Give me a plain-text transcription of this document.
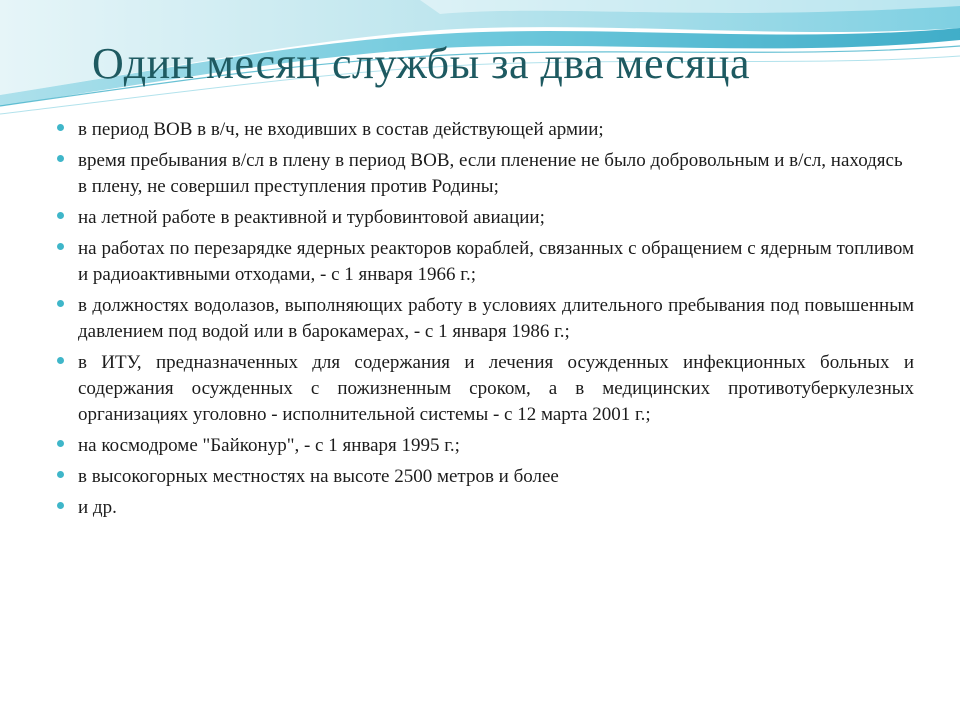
Один месяц службы за два месяца
в период ВОВ в в/ч, не входивших в состав действующей армии;
время пребывания в/сл в плену в период ВОВ, если пленение не было добровольным и в/сл, находясь в плену, не совершил преступления против Родины;
на летной работе в реактивной и турбовинтовой авиации;
на работах по перезарядке ядерных реакторов кораблей, связанных с обращением с ядерным топливом и радиоактивными отходами, - с 1 января 1966 г.;
в должностях водолазов, выполняющих работу в условиях длительного пребывания под повышенным давлением под водой или в барокамерах, - с 1 января 1986 г.;
в ИТУ, предназначенных для содержания и лечения осужденных инфекционных больных и содержания осужденных с пожизненным сроком, а в медицинских противотуберкулезных организациях уголовно - исполнительной системы - с 12 марта 2001 г.;
на космодроме "Байконур", - с 1 января 1995 г.;
в высокогорных местностях на высоте 2500 метров и более
и др.
